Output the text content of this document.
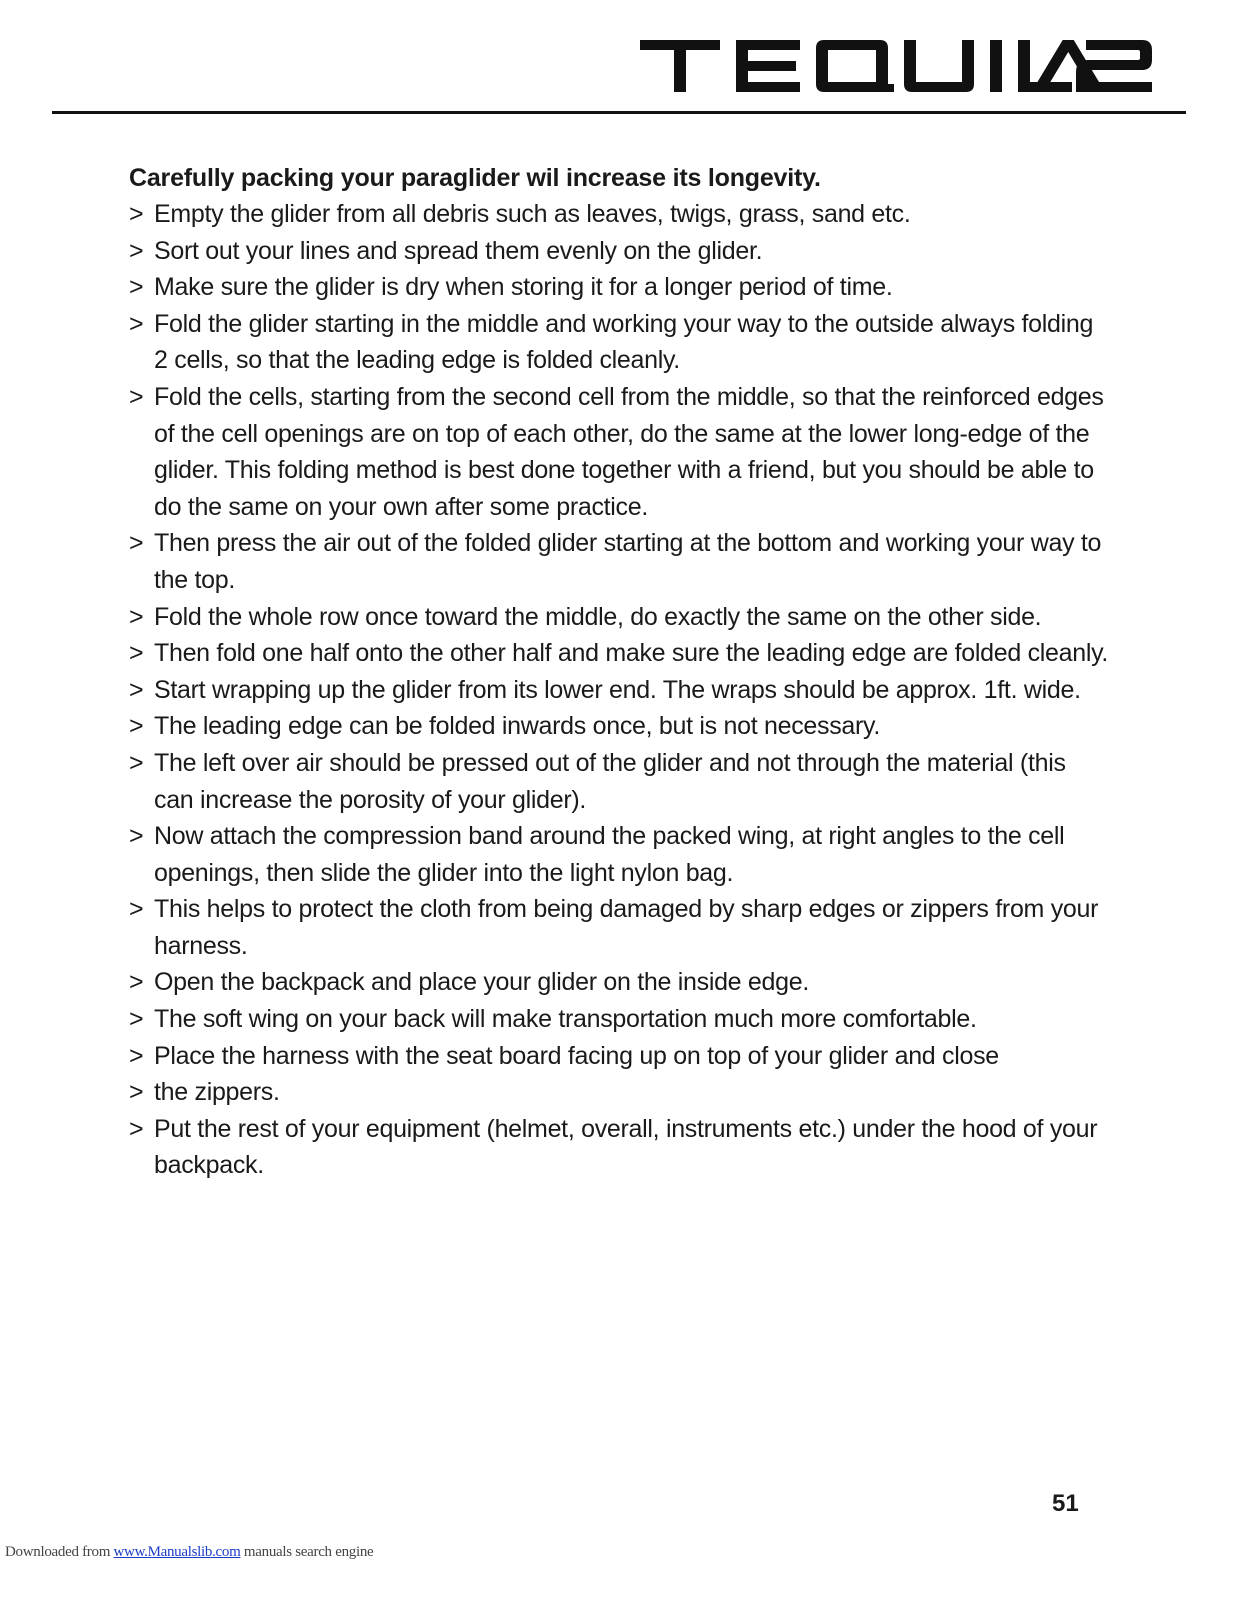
Carefully packing your paraglider wil increase its longevity.

> Empty the glider from all debris such as leaves, twigs, grass, sand etc.
> Sort out your lines and spread them evenly on the glider.
> Make sure the glider is dry when storing it for a longer period of time.
> Fold the glider starting in the middle and working your way to the outside always folding 2 cells, so that the leading edge is folded cleanly.
> Fold the cells, starting from the second cell from the middle, so that the reinforced edges of the cell openings are on top of each other, do the same at the lower long-edge of the glider. This folding method is best done together with a friend, but you should be able to do the same on your own after some practice.
> Then press the air out of the folded glider starting at the bottom and working your way to the top.
> Fold the whole row once toward the middle, do exactly the same on the other side.
> Then fold one half onto the other half and make sure the leading edge are folded cleanly.
> Start wrapping up the glider from its lower end. The wraps should be approx. 1ft. wide.
> The leading edge can be folded inwards once, but is not necessary.
> The left over air should be pressed out of the glider and not through the material (this can increase the porosity of your glider).
> Now attach the compression band around the packed wing, at right angles to the cell openings, then slide the glider into the light nylon bag.
> This helps to protect the cloth from being damaged by sharp edges or zippers from your harness.
> Open the backpack and place your glider on the inside edge.
> The soft wing on your back will make transportation much more comfortable.
> Place the harness with the seat board facing up on top of your glider and close
> the zippers.
> Put the rest of your equipment (helmet, overall, instruments etc.) under the hood of your backpack.
51
Downloaded from www.Manualslib.com manuals search engine
